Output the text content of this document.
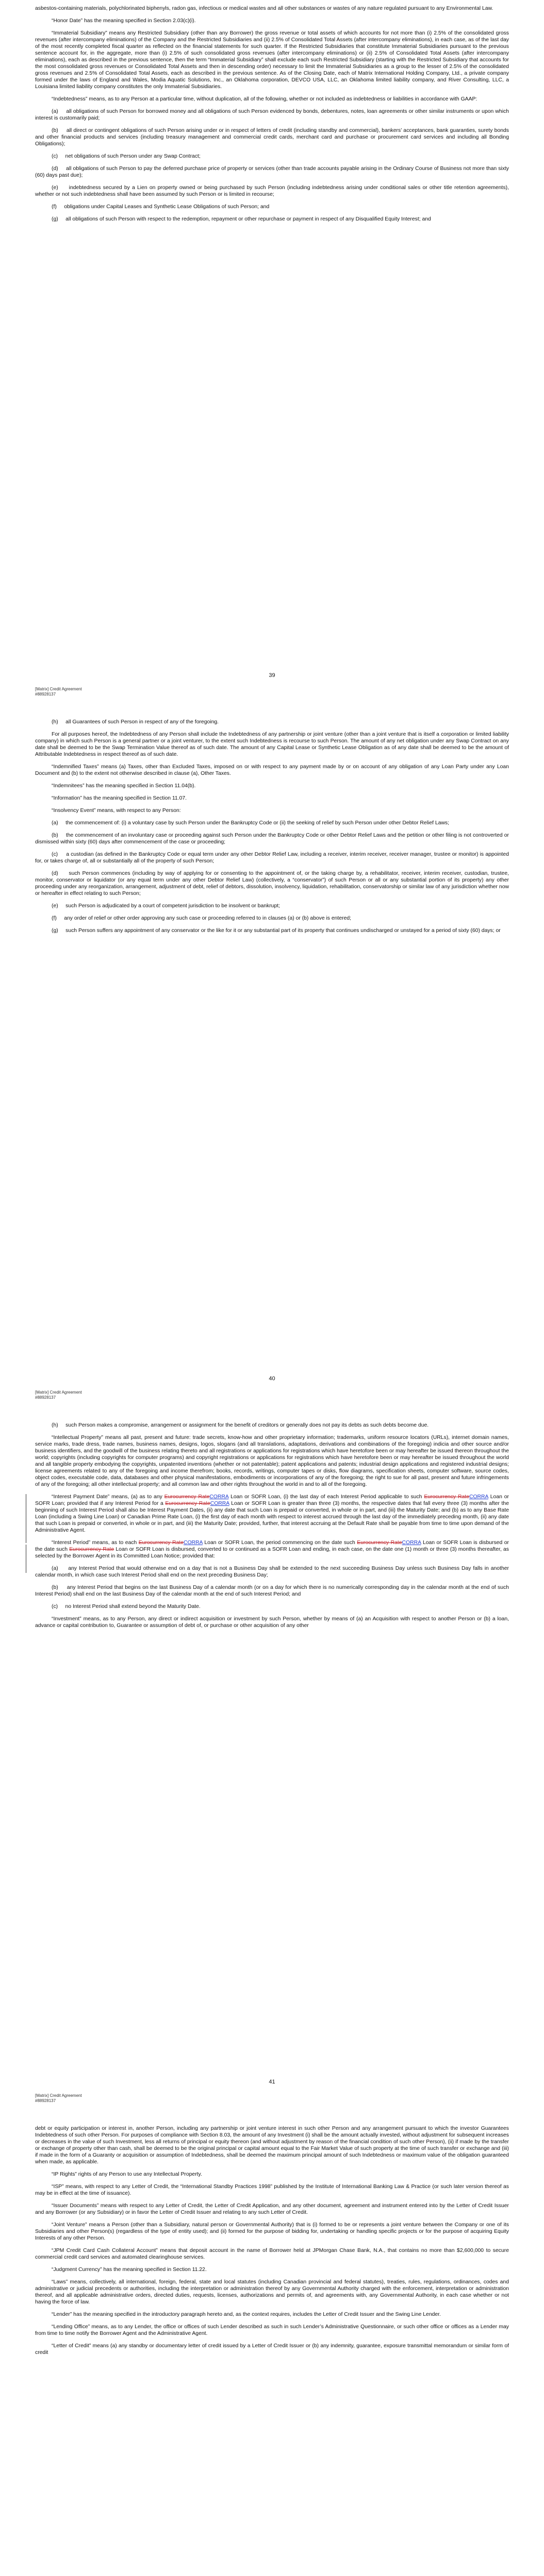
asbestos-containing materials, polychlorinated biphenyls, radon gas, infectious or medical wastes and all other substances or wastes of any nature regulated pursuant to any Environmental Law.

“Honor Date” has the meaning specified in Section 2.03(c)(i).

“Immaterial Subsidiary” means any Restricted Subsidiary (other than any Borrower) the gross revenue or total assets of which accounts for not more than (i) 2.5% of the consolidated gross revenues (after intercompany eliminations) of the Company and the Restricted Subsidiaries and (ii) 2.5% of Consolidated Total Assets (after intercompany eliminations), in each case, as of the last day of the most recently completed fiscal quarter as reflected on the financial statements for such quarter. If the Restricted Subsidiaries that constitute Immaterial Subsidiaries pursuant to the previous sentence account for, in the aggregate, more than (i) 2.5% of such consolidated gross revenues (after intercompany eliminations) or (ii) 2.5% of Consolidated Total Assets (after intercompany eliminations), each as described in the previous sentence, then the term “Immaterial Subsidiary” shall exclude each such Restricted Subsidiary (starting with the Restricted Subsidiary that accounts for the most consolidated gross revenues or Consolidated Total Assets and then in descending order) necessary to limit the Immaterial Subsidiaries as a group to the lesser of 2.5% of the consolidated gross revenues and 2.5% of Consolidated Total Assets, each as described in the previous sentence. As of the Closing Date, each of Matrix International Holding Company, Ltd., a private company formed under the laws of England and Wales, Modia Aquatic Solutions, Inc., an Oklahoma corporation, DEVCO USA, LLC, an Oklahoma limited liability company, and River Consulting, LLC, a Louisiana limited liability company constitutes the only Immaterial Subsidiaries.

“Indebtedness” means, as to any Person at a particular time, without duplication, all of the following, whether or not included as indebtedness or liabilities in accordance with GAAP:

(a)     all obligations of such Person for borrowed money and all obligations of such Person evidenced by bonds, debentures, notes, loan agreements or other similar instruments or upon which interest is customarily paid;

(b)     all direct or contingent obligations of such Person arising under or in respect of letters of credit (including standby and commercial), bankers’ acceptances, bank guaranties, surety bonds and other financial products and services (including treasury management and commercial credit cards, merchant card and purchase or procurement card services and including all Bonding Obligations);

(c)     net obligations of such Person under any Swap Contract;

(d)     all obligations of such Person to pay the deferred purchase price of property or services (other than trade accounts payable arising in the Ordinary Course of Business not more than sixty (60) days past due);

(e)     indebtedness secured by a Lien on property owned or being purchased by such Person (including indebtedness arising under conditional sales or other title retention agreements), whether or not such indebtedness shall have been assumed by such Person or is limited in recourse;

(f)     obligations under Capital Leases and Synthetic Lease Obligations of such Person; and

(g)     all obligations of such Person with respect to the redemption, repayment or other repurchase or payment in respect of any Disqualified Equity Interest; and

39
[Matrix] Credit Agreement
#88928137

(h)     all Guarantees of such Person in respect of any of the foregoing.

For all purposes hereof, the Indebtedness of any Person shall include the Indebtedness of any partnership or joint venture (other than a joint venture that is itself a corporation or limited liability company) in which such Person is a general partner or a joint venturer, to the extent such Indebtedness is recourse to such Person. The amount of any net obligation under any Swap Contract on any date shall be deemed to be the Swap Termination Value thereof as of such date. The amount of any Capital Lease or Synthetic Lease Obligation as of any date shall be deemed to be the amount of Attributable Indebtedness in respect thereof as of such date.

“Indemnified Taxes” means (a) Taxes, other than Excluded Taxes, imposed on or with respect to any payment made by or on account of any obligation of any Loan Party under any Loan Document and (b) to the extent not otherwise described in clause (a), Other Taxes.

“Indemnitees” has the meaning specified in Section 11.04(b).

“Information” has the meaning specified in Section 11.07.

“Insolvency Event” means, with respect to any Person:

(a)     the commencement of: (i) a voluntary case by such Person under the Bankruptcy Code or (ii) the seeking of relief by such Person under other Debtor Relief Laws;

(b)     the commencement of an involuntary case or proceeding against such Person under the Bankruptcy Code or other Debtor Relief Laws and the petition or other filing is not controverted or dismissed within sixty (60) days after commencement of the case or proceeding;

(c)     a custodian (as defined in the Bankruptcy Code or equal term under any other Debtor Relief Law, including a receiver, interim receiver, receiver manager, trustee or monitor) is appointed for, or takes charge of, all or substantially all of the property of such Person;

(d)     such Person commences (including by way of applying for or consenting to the appointment of, or the taking charge by, a rehabilitator, receiver, interim receiver, custodian, trustee, monitor, conservator or liquidator (or any equal term under any other Debtor Relief Law) (collectively, a “conservator”) of such Person or all or any substantial portion of its property) any other proceeding under any reorganization, arrangement, adjustment of debt, relief of debtors, dissolution, insolvency, liquidation, rehabilitation, conservatorship or similar law of any jurisdiction whether now or hereafter in effect relating to such Person;

(e)     such Person is adjudicated by a court of competent jurisdiction to be insolvent or bankrupt;

(f)     any order of relief or other order approving any such case or proceeding referred to in clauses (a) or (b) above is entered;

(g)     such Person suffers any appointment of any conservator or the like for it or any substantial part of its property that continues undischarged or unstayed for a period of sixty (60) days; or

40
[Matrix] Credit Agreement
#88928137

(h)     such Person makes a compromise, arrangement or assignment for the benefit of creditors or generally does not pay its debts as such debts become due.

“Intellectual Property” means all past, present and future: trade secrets, know-how and other proprietary information; trademarks, uniform resource locators (URLs), internet domain names, service marks, trade dress, trade names, business names, designs, logos, slogans (and all translations, adaptations, derivations and combinations of the foregoing) indicia and other source and/or business identifiers, and the goodwill of the business relating thereto and all registrations or applications for registrations which have heretofore been or may hereafter be issued thereon throughout the world; copyrights (including copyrights for computer programs) and copyright registrations or applications for registrations which have heretofore been or may hereafter be issued throughout the world and all tangible property embodying the copyrights, unpatented inventions (whether or not patentable); patent applications and patents; industrial design applications and registered industrial designs; license agreements related to any of the foregoing and income therefrom; books, records, writings, computer tapes or disks, flow diagrams, specification sheets, computer software, source codes, object codes, executable code, data, databases and other physical manifestations, embodiments or incorporations of any of the foregoing; the right to sue for all past, present and future infringements of any of the foregoing; all other intellectual property; and all common law and other rights throughout the world in and to all of the foregoing.

“Interest Payment Date” means, (a) as to any Eurocurrency RateCORRA Loan or SOFR Loan, (i) the last day of each Interest Period applicable to such Eurocurrency RateCORRA Loan or SOFR Loan; provided that if any Interest Period for a Eurocurrency RateCORRA Loan or SOFR Loan is greater than three (3) months, the respective dates that fall every three (3) months after the beginning of such Interest Period shall also be Interest Payment Dates, (ii) any date that such Loan is prepaid or converted, in whole or in part, and (iii) the Maturity Date; and (b) as to any Base Rate Loan (including a Swing Line Loan) or Canadian Prime Rate Loan, (i) the first day of each month with respect to interest accrued through the last day of the immediately preceding month, (ii) any date that such Loan is prepaid or converted, in whole or in part, and (iii) the Maturity Date; provided, further, that interest accruing at the Default Rate shall be payable from time to time upon demand of the Administrative Agent.

“Interest Period” means, as to each Eurocurrency RateCORRA Loan or SOFR Loan, the period commencing on the date such Eurocurrency RateCORRA Loan or SOFR Loan is disbursed or the date such Eurocurrency Rate Loan or SOFR Loan is disbursed, converted to or continued as a SOFR Loan and ending, in each case, on the date one (1) month or three (3) months thereafter, as selected by the Borrower Agent in its Committed Loan Notice; provided that:

(a)     any Interest Period that would otherwise end on a day that is not a Business Day shall be extended to the next succeeding Business Day unless such Business Day falls in another calendar month, in which case such Interest Period shall end on the next preceding Business Day;

(b)     any Interest Period that begins on the last Business Day of a calendar month (or on a day for which there is no numerically corresponding day in the calendar month at the end of such Interest Period) shall end on the last Business Day of the calendar month at the end of such Interest Period; and

(c)     no Interest Period shall extend beyond the Maturity Date.

“Investment” means, as to any Person, any direct or indirect acquisition or investment by such Person, whether by means of (a) an Acquisition with respect to another Person or (b) a loan, advance or capital contribution to, Guarantee or assumption of debt of, or purchase or other acquisition of any other

41
[Matrix] Credit Agreement
#88928137

debt or equity participation or interest in, another Person, including any partnership or joint venture interest in such other Person and any arrangement pursuant to which the investor Guarantees Indebtedness of such other Person. For purposes of compliance with Section 8.03, the amount of any Investment (i) shall be the amount actually invested, without adjustment for subsequent increases or decreases in the value of such Investment, less all returns of principal or equity thereon (and without adjustment by reason of the financial condition of such other Person), (ii) if made by the transfer or exchange of property other than cash, shall be deemed to be the original principal or capital amount equal to the Fair Market Value of such property at the time of such transfer or exchange and (iii) if made in the form of a Guaranty or acquisition or assumption of Indebtedness, shall be deemed the maximum principal amount of such Indebtedness or maximum value of the obligation guaranteed when made, as applicable.

“IP Rights” rights of any Person to use any Intellectual Property.

“ISP” means, with respect to any Letter of Credit, the “International Standby Practices 1998” published by the Institute of International Banking Law & Practice (or such later version thereof as may be in effect at the time of issuance).

“Issuer Documents” means with respect to any Letter of Credit, the Letter of Credit Application, and any other document, agreement and instrument entered into by the Letter of Credit Issuer and any Borrower (or any Subsidiary) or in favor the Letter of Credit Issuer and relating to any such Letter of Credit.

“Joint Venture” means a Person (other than a Subsidiary, natural person or Governmental Authority) that is (i) formed to be or represents a joint venture between the Company or one of its Subsidiaries and other Person(s) (regardless of the type of entity used); and (ii) formed for the purpose of bidding for, undertaking or handling specific projects or for the purpose of acquiring Equity Interests of any other Person.

“JPM Credit Card Cash Collateral Account” means that deposit account in the name of Borrower held at JPMorgan Chase Bank, N.A., that contains no more than $2,600,000 to secure commercial credit card services and automated clearinghouse services.

“Judgment Currency” has the meaning specified in Section 11.22.

“Laws” means, collectively, all international, foreign, federal, state and local statutes (including Canadian provincial and federal statutes), treaties, rules, regulations, ordinances, codes and administrative or judicial precedents or authorities, including the interpretation or administration thereof by any Governmental Authority charged with the enforcement, interpretation or administration thereof, and all applicable administrative orders, directed duties, requests, licenses, authorizations and permits of, and agreements with, any Governmental Authority, in each case whether or not having the force of law.

“Lender” has the meaning specified in the introductory paragraph hereto and, as the context requires, includes the Letter of Credit Issuer and the Swing Line Lender.

“Lending Office” means, as to any Lender, the office or offices of such Lender described as such in such Lender’s Administrative Questionnaire, or such other office or offices as a Lender may from time to time notify the Borrower Agent and the Administrative Agent.

“Letter of Credit” means (a) any standby or documentary letter of credit issued by a Letter of Credit Issuer or (b) any indemnity, guarantee, exposure transmittal memorandum or similar form of credit
